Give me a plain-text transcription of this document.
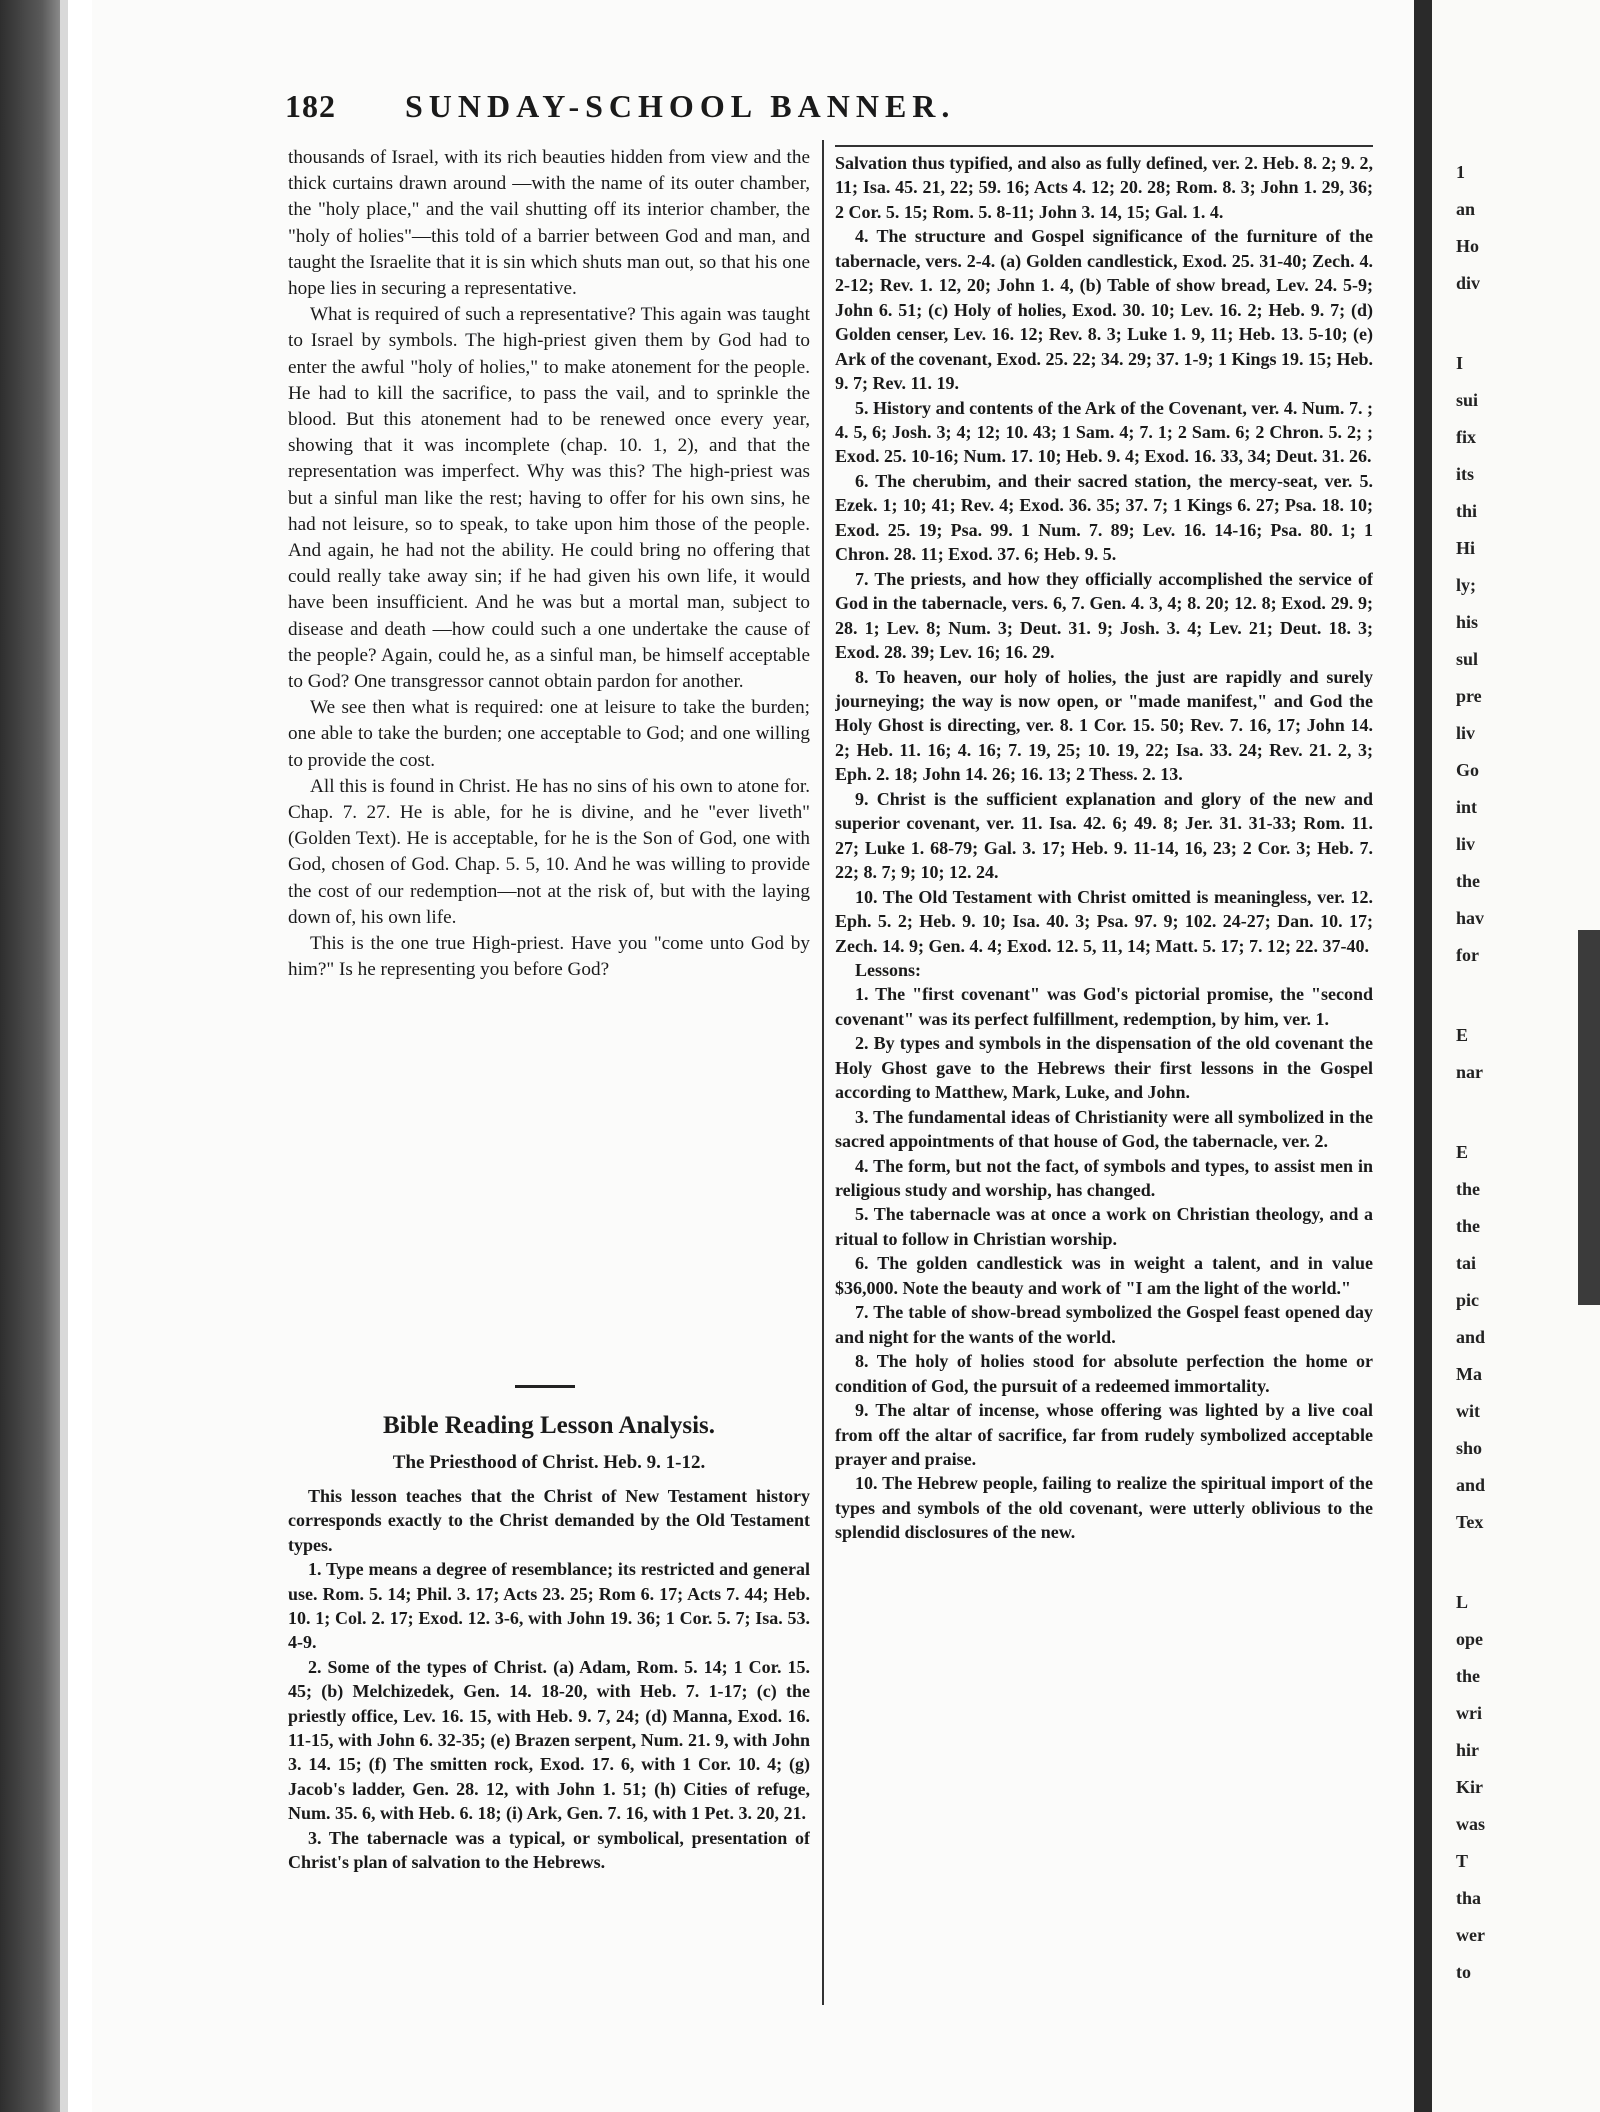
182 SUNDAY-SCHOOL BANNER.

thousands of Israel, with its rich beauties hidden from view and the thick curtains drawn around —with the name of its outer chamber, the "holy place," and the vail shutting off its interior chamber, the "holy of holies"—this told of a barrier between God and man, and taught the Israelite that it is sin which shuts man out, so that his one hope lies in securing a representative.

What is required of such a representative? This again was taught to Israel by symbols. The high-priest given them by God had to enter the awful "holy of holies," to make atonement for the people. He had to kill the sacrifice, to pass the vail, and to sprinkle the blood. But this atonement had to be renewed once every year, showing that it was incomplete (chap. 10. 1, 2), and that the representation was imperfect. Why was this? The high-priest was but a sinful man like the rest; having to offer for his own sins, he had not leisure, so to speak, to take upon him those of the people. And again, he had not the ability. He could bring no offering that could really take away sin; if he had given his own life, it would have been insufficient. And he was but a mortal man, subject to disease and death —how could such a one undertake the cause of the people? Again, could he, as a sinful man, be himself acceptable to God? One transgressor cannot obtain pardon for another.

We see then what is required: one at leisure to take the burden; one able to take the burden; one acceptable to God; and one willing to provide the cost.

All this is found in Christ. He has no sins of his own to atone for. Chap. 7. 27. He is able, for he is divine, and he "ever liveth" (Golden Text). He is acceptable, for he is the Son of God, one with God, chosen of God. Chap. 5. 5, 10. And he was willing to provide the cost of our redemption—not at the risk of, but with the laying down of, his own life.

This is the one true High-priest. Have you "come unto God by him?" Is he representing you before God?

Bible Reading Lesson Analysis.
The Priesthood of Christ. Heb. 9. 1-12.

This lesson teaches that the Christ of New Testament history corresponds exactly to the Christ demanded by the Old Testament types.

1. Type means a degree of resemblance; its restricted and general use. Rom. 5. 14; Phil. 3. 17; Acts 23. 25; Rom 6. 17; Acts 7. 44; Heb. 10. 1; Col. 2. 17; Exod. 12. 3-6, with John 19. 36; 1 Cor. 5. 7; Isa. 53. 4-9.

2. Some of the types of Christ. (a) Adam, Rom. 5. 14; 1 Cor. 15. 45; (b) Melchizedek, Gen. 14. 18-20, with Heb. 7. 1-17; (c) the priestly office, Lev. 16. 15, with Heb. 9. 7, 24; (d) Manna, Exod. 16. 11-15, with John 6. 32-35; (e) Brazen serpent, Num. 21. 9, with John 3. 14. 15; (f) The smitten rock, Exod. 17. 6, with 1 Cor. 10. 4; (g) Jacob's ladder, Gen. 28. 12, with John 1. 51; (h) Cities of refuge, Num. 35. 6, with Heb. 6. 18; (i) Ark, Gen. 7. 16, with 1 Pet. 3. 20, 21.

3. The tabernacle was a typical, or symbolical, presentation of Christ's plan of salvation to the Hebrews.

Salvation thus typified, and also as fully defined, ver. 2. Heb. 8. 2; 9. 2, 11; Isa. 45. 21, 22; 59. 16; Acts 4. 12; 20. 28; Rom. 8. 3; John 1. 29, 36; 2 Cor. 5. 15; Rom. 5. 8-11; John 3. 14, 15; Gal. 1. 4.

4. The structure and Gospel significance of the furniture of the tabernacle, vers. 2-4. (a) Golden candlestick, Exod. 25. 31-40; Zech. 4. 2-12; Rev. 1. 12, 20; John 1. 4, (b) Table of show bread, Lev. 24. 5-9; John 6. 51; (c) Holy of holies, Exod. 30. 10; Lev. 16. 2; Heb. 9. 7; (d) Golden censer, Lev. 16. 12; Rev. 8. 3; Luke 1. 9, 11; Heb. 13. 5-10; (e) Ark of the covenant, Exod. 25. 22; 34. 29; 37. 1-9; 1 Kings 19. 15; Heb. 9. 7; Rev. 11. 19.

5. History and contents of the Ark of the Covenant, ver. 4. Num. 7. ; 4. 5, 6; Josh. 3; 4; 12; 10. 43; 1 Sam. 4; 7. 1; 2 Sam. 6; 2 Chron. 5. 2; ; Exod. 25. 10-16; Num. 17. 10; Heb. 9. 4; Exod. 16. 33, 34; Deut. 31. 26.

6. The cherubim, and their sacred station, the mercy-seat, ver. 5. Ezek. 1; 10; 41; Rev. 4; Exod. 36. 35; 37. 7; 1 Kings 6. 27; Psa. 18. 10; Exod. 25. 19; Psa. 99. 1 Num. 7. 89; Lev. 16. 14-16; Psa. 80. 1; 1 Chron. 28. 11; Exod. 37. 6; Heb. 9. 5.

7. The priests, and how they officially accomplished the service of God in the tabernacle, vers. 6, 7. Gen. 4. 3, 4; 8. 20; 12. 8; Exod. 29. 9; 28. 1; Lev. 8; Num. 3; Deut. 31. 9; Josh. 3. 4; Lev. 21; Deut. 18. 3; Exod. 28. 39; Lev. 16; 16. 29.

8. To heaven, our holy of holies, the just are rapidly and surely journeying; the way is now open, or "made manifest," and God the Holy Ghost is directing, ver. 8. 1 Cor. 15. 50; Rev. 7. 16, 17; John 14. 2; Heb. 11. 16; 4. 16; 7. 19, 25; 10. 19, 22; Isa. 33. 24; Rev. 21. 2, 3; Eph. 2. 18; John 14. 26; 16. 13; 2 Thess. 2. 13.

9. Christ is the sufficient explanation and glory of the new and superior covenant, ver. 11. Isa. 42. 6; 49. 8; Jer. 31. 31-33; Rom. 11. 27; Luke 1. 68-79; Gal. 3. 17; Heb. 9. 11-14, 16, 23; 2 Cor. 3; Heb. 7. 22; 8. 7; 9; 10; 12. 24.

10. The Old Testament with Christ omitted is meaningless, ver. 12. Eph. 5. 2; Heb. 9. 10; Isa. 40. 3; Psa. 97. 9; 102. 24-27; Dan. 10. 17; Zech. 14. 9; Gen. 4. 4; Exod. 12. 5, 11, 14; Matt. 5. 17; 7. 12; 22. 37-40.

Lessons:

1. The "first covenant" was God's pictorial promise, the "second covenant" was its perfect fulfillment, redemption, by him, ver. 1.

2. By types and symbols in the dispensation of the old covenant the Holy Ghost gave to the Hebrews their first lessons in the Gospel according to Matthew, Mark, Luke, and John.

3. The fundamental ideas of Christianity were all symbolized in the sacred appointments of that house of God, the tabernacle, ver. 2.

4. The form, but not the fact, of symbols and types, to assist men in religious study and worship, has changed.

5. The tabernacle was at once a work on Christian theology, and a ritual to follow in Christian worship.

6. The golden candlestick was in weight a talent, and in value $36,000. Note the beauty and work of "I am the light of the world."

7. The table of show-bread symbolized the Gospel feast opened day and night for the wants of the world.

8. The holy of holies stood for absolute perfection the home or condition of God, the pursuit of a redeemed immortality.

9. The altar of incense, whose offering was lighted by a live coal from off the altar of sacrifice, far from rudely symbolized acceptable prayer and praise.

10. The Hebrew people, failing to realize the spiritual import of the types and symbols of the old covenant, were utterly oblivious to the splendid disclosures of the new.

1
an
Ho
div
I
sui
fix
its
thi
Hi
ly;
his
sul
pre
liv
Go
int
liv
the
hav
for
E
nar
E
the
the
tai
pic
and
Ma
wit
sho
and
Tex
L
ope
the
wri
hir
Kir
was
T
tha
wer
to
